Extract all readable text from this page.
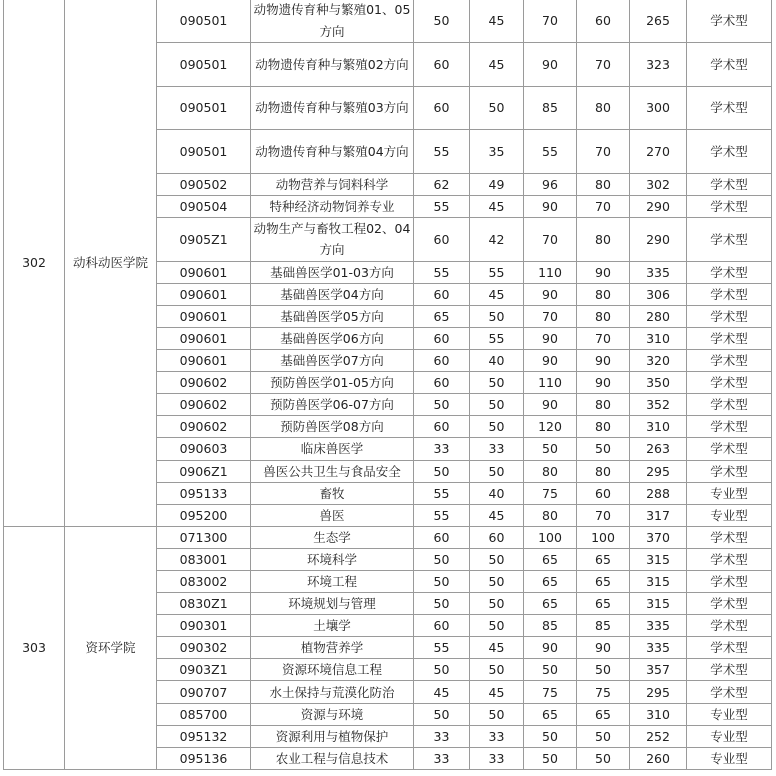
302	动科动医学院	090501	动物遗传育种与繁殖01、05方向	50	45	70	60	265	学术型
		090501	动物遗传育种与繁殖02方向	60	45	90	70	323	学术型
		090501	动物遗传育种与繁殖03方向	60	50	85	80	300	学术型
		090501	动物遗传育种与繁殖04方向	55	35	55	70	270	学术型
		090502	动物营养与饲料科学	62	49	96	80	302	学术型
		090504	特种经济动物饲养专业	55	45	90	70	290	学术型
		0905Z1	动物生产与畜牧工程02、04方向	60	42	70	80	290	学术型
		090601	基础兽医学01-03方向	55	55	110	90	335	学术型
		090601	基础兽医学04方向	60	45	90	80	306	学术型
		090601	基础兽医学05方向	65	50	70	80	280	学术型
		090601	基础兽医学06方向	60	55	90	70	310	学术型
		090601	基础兽医学07方向	60	40	90	90	320	学术型
		090602	预防兽医学01-05方向	60	50	110	90	350	学术型
		090602	预防兽医学06-07方向	50	50	90	80	352	学术型
		090602	预防兽医学08方向	60	50	120	80	310	学术型
		090603	临床兽医学	33	33	50	50	263	学术型
		0906Z1	兽医公共卫生与食品安全	50	50	80	80	295	学术型
		095133	畜牧	55	40	75	60	288	专业型
		095200	兽医	55	45	80	70	317	专业型
303	资环学院	071300	生态学	60	60	100	100	370	学术型
		083001	环境科学	50	50	65	65	315	学术型
		083002	环境工程	50	50	65	65	315	学术型
		0830Z1	环境规划与管理	50	50	65	65	315	学术型
		090301	土壤学	60	50	85	85	335	学术型
		090302	植物营养学	55	45	90	90	335	学术型
		0903Z1	资源环境信息工程	50	50	50	50	357	学术型
		090707	水土保持与荒漠化防治	45	45	75	75	295	学术型
		085700	资源与环境	50	50	65	65	310	专业型
		095132	资源利用与植物保护	33	33	50	50	252	专业型
		095136	农业工程与信息技术	33	33	50	50	260	专业型
